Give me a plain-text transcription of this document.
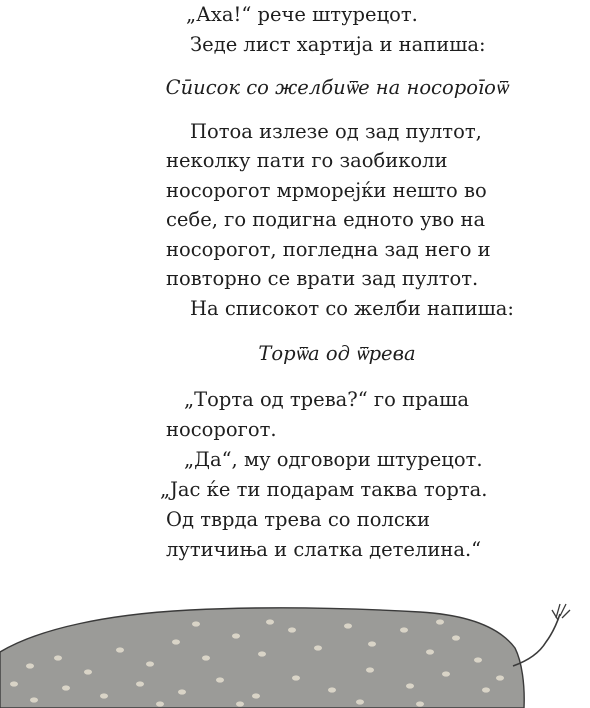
„Аха!“ рече штурецот.
Зеде лист хартија и напиша:
Сӣисок со желбиѿе на носороīоѿ
Потоа излезе од зад пултот,
неколку пати го заобиколи
носорогот мрморејќи нешто во
себе, го подигна едното уво на
носорогот, погледна зад него и
повторно се врати зад пултот.
На списокот со желби напиша:
Торѿа од ѿрева
„Торта од трева?“ го праша
носорогот.
„Да“, му одговори штурецот.
„Јас ќе ти подарам таква торта.
Од тврда трева со полски
лутичиња и слатка детелина.“
